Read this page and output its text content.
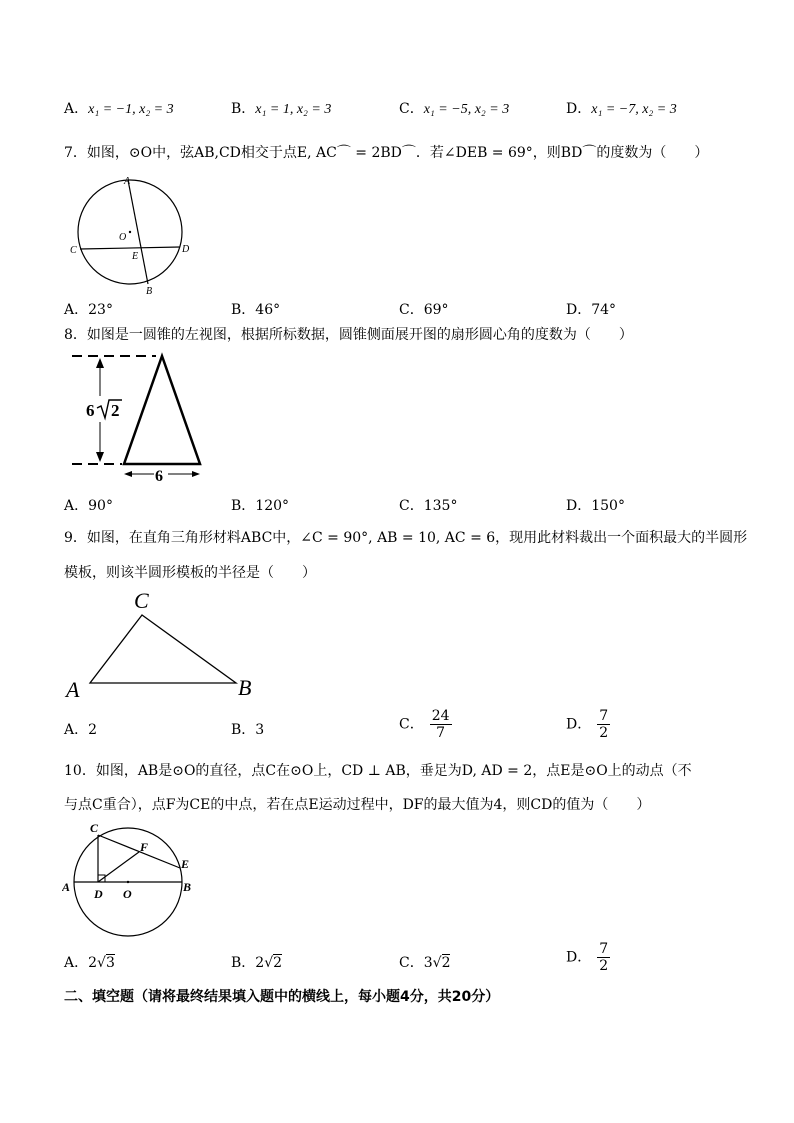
A．x₁ = −1, x₂ = 3	B．x₁ = 1, x₂ = 3	C．x₁ = −5, x₂ = 3	D．x₁ = −7, x₂ = 3
7．如图，⊙O中，弦AB,CD相交于点E, AC⌒ = 2BD⌒．若∠DEB = 69°，则BD⌒的度数为（　　）
A
B
C	D
E
O
A．23°	B．46°	C．69°	D．74°
8．如图是一圆锥的左视图，根据所标数据，圆锥侧面展开图的扇形圆心角的度数为（　　）
6 2
6
A．90°	B．120°	C．135°	D．150°
9．如图，在直角三角形材料ABC中，∠C = 90°, AB = 10, AC = 6，现用此材料裁出一个面积最大的半圆形
模板，则该半圆形模板的半径是（　　）
C
A	B
A．2	B．3	C． $\frac{24}{7}$	D． $\frac{7}{2}$
10．如图，AB是⊙O的直径，点C在⊙O上，CD ⊥ AB，垂足为D, AD = 2，点E是⊙O上的动点（不
与点C重合），点F为CE的中点，若在点E运动过程中，DF的最大值为4，则CD的值为（　　）
C
F
E
A	B
D O
A．2√3	B．2√2	C．3√2	D． $\frac{7}{2}$
二、填空题（请将最终结果填入题中的横线上，每小题4分，共20分）
